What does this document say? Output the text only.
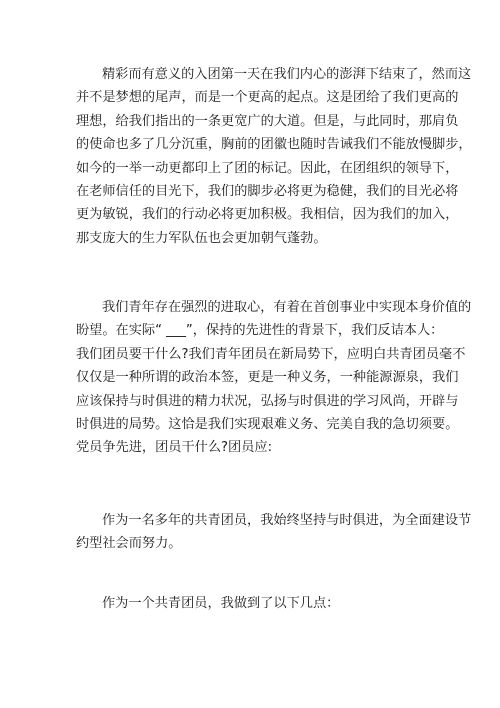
精彩而有意义的入团第一天在我们内心的澎湃下结束了，然而这
并不是梦想的尾声，而是一个更高的起点。这是团给了我们更高的
理想，给我们指出的一条更宽广的大道。但是，与此同时，那肩负
的使命也多了几分沉重，胸前的团徽也随时告诫我们不能放慢脚步，
如今的一举一动更都印上了团的标记。因此，在团组织的领导下，
在老师信任的目光下，我们的脚步必将更为稳健，我们的目光必将
更为敏锐，我们的行动必将更加积极。我相信，因为我们的加入，
那支庞大的生力军队伍也会更加朝气蓬勃。
我们青年存在强烈的进取心，有着在首创事业中实现本身价值的
盼望。在实际“ ___”，保持的先进性的背景下，我们反诘本人：
我们团员要干什么?我们青年团员在新局势下，应明白共青团员毫不
仅仅是一种所谓的政治本签，更是一种义务，一种能源源泉，我们
应该保持与时俱进的精力状况，弘扬与时俱进的学习风尚，开辟与
时俱进的局势。这恰是我们实现艰难义务、完美自我的急切须要。
党员争先进，团员干什么?团员应:
作为一名多年的共青团员，我始终坚持与时俱进，为全面建设节
约型社会而努力。
作为一个共青团员，我做到了以下几点：
